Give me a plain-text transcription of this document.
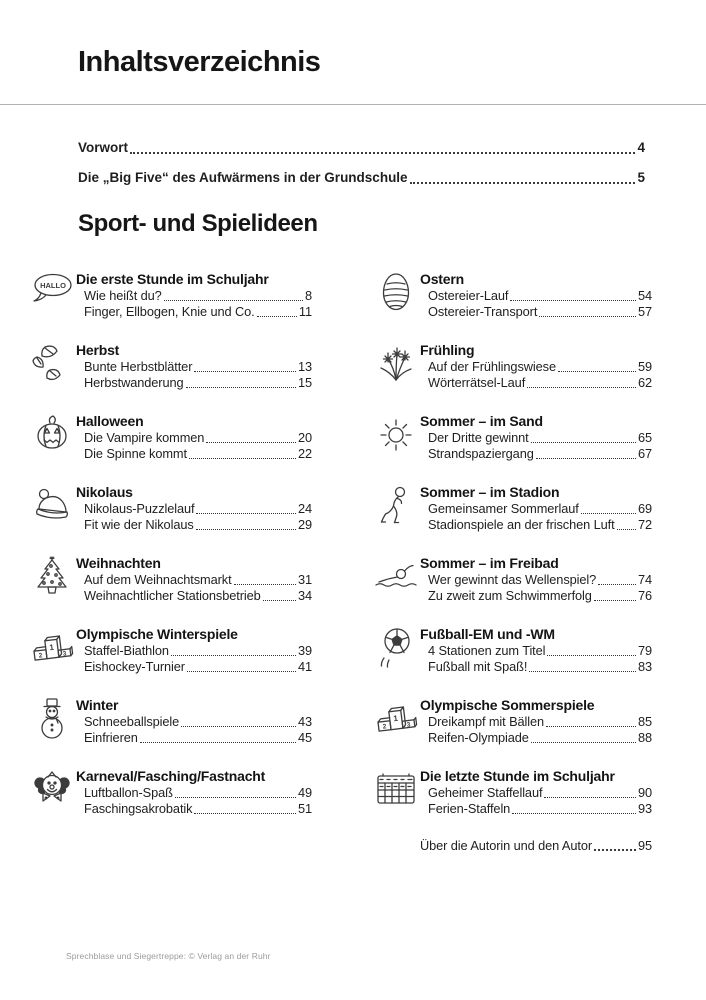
Inhaltsverzeichnis
Vorwort	4
Die „Big Five“ des Aufwärmens in der Grundschule	5
Sport- und Spielideen
HALLO Die erste Stunde im Schuljahr
Wie heißt du?	8
Finger, Ellbogen, Knie und Co.	11
Herbst
Bunte Herbstblätter	13
Herbstwanderung	15
Halloween
Die Vampire kommen	20
Die Spinne kommt	22
Nikolaus
Nikolaus-Puzzlelauf	24
Fit wie der Nikolaus	29
Weihnachten
Auf dem Weihnachtsmarkt	31
Weihnachtlicher Stationsbetrieb	34
1
2	3
Olympische Winterspiele
Staffel-Biathlon	39
Eishockey-Turnier	41
Winter
Schneeballspiele	43
Einfrieren	45
Karneval/Fasching/Fastnacht
Luftballon-Spaß	49
Faschingsakrobatik	51
Ostern
Ostereier-Lauf	54
Ostereier-Transport	57
Frühling
Auf der Frühlingswiese	59
Wörterrätsel-Lauf	62
Sommer – im Sand
Der Dritte gewinnt	65
Strandspaziergang	67
Sommer – im Stadion
Gemeinsamer Sommerlauf	69
Stadionspiele an der frischen Luft 72
Sommer – im Freibad
Wer gewinnt das Wellenspiel?	74
Zu zweit zum Schwimmerfolg	76
Fußball-EM und -WM
4 Stationen zum Titel	79
Fußball mit Spaß!	83
1
2	3
Olympische Sommerspiele
Dreikampf mit Bällen	85
Reifen-Olympiade	88
Die letzte Stunde im Schuljahr
Geheimer Staffellauf	90
Ferien-Staffeln	93
Über die Autorin und den Autor	95
Sprechblase und Siegertreppe: © Verlag an der Ruhr
